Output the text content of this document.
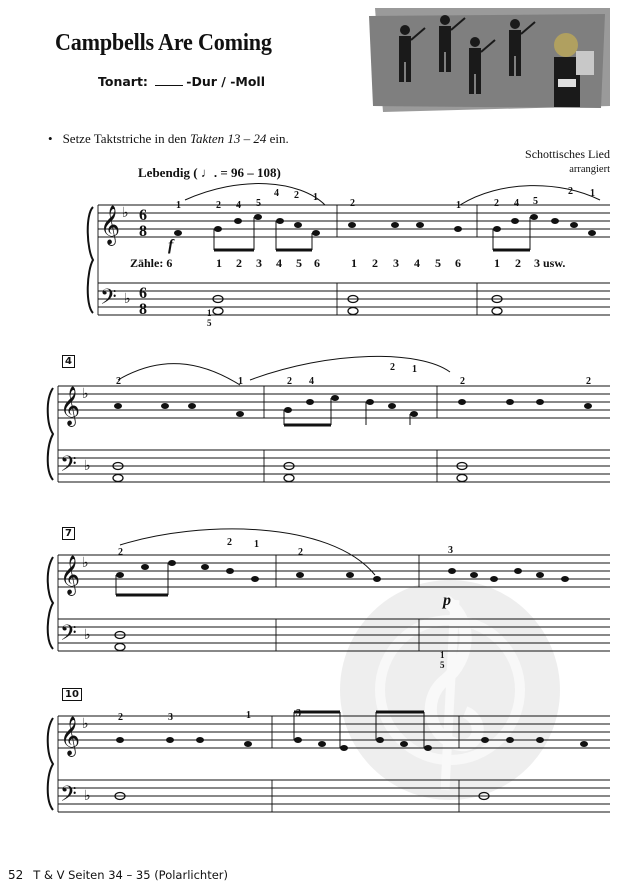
Campbells Are Coming
Tonart:	-Dur / -Moll
• Setze Taktstriche in den Takten 13 – 24 ein.
Schottisches Lied
arrangiert
Lebendig ( ♩. = 96 – 108)
Zähle: 6	1 2 3 4 5 6	1 2 3 4 5 6	1 2 3 usw.
4
7
10
𝄞
𝄢
𝄞
𝄢
𝄞
𝄢
𝄞
𝄢
♭
♭
♭
♭
♭
♭
♭
♭
6
8
6
8
1	2 4 5
4 2 1
2	1	2 4 5
2 1
2	1	2 4
2 1
2	2
2
2 1
2	3
2	3	1	3
1
5
1
5
f
p
52 T & V Seiten 34 – 35 (Polarlichter)
